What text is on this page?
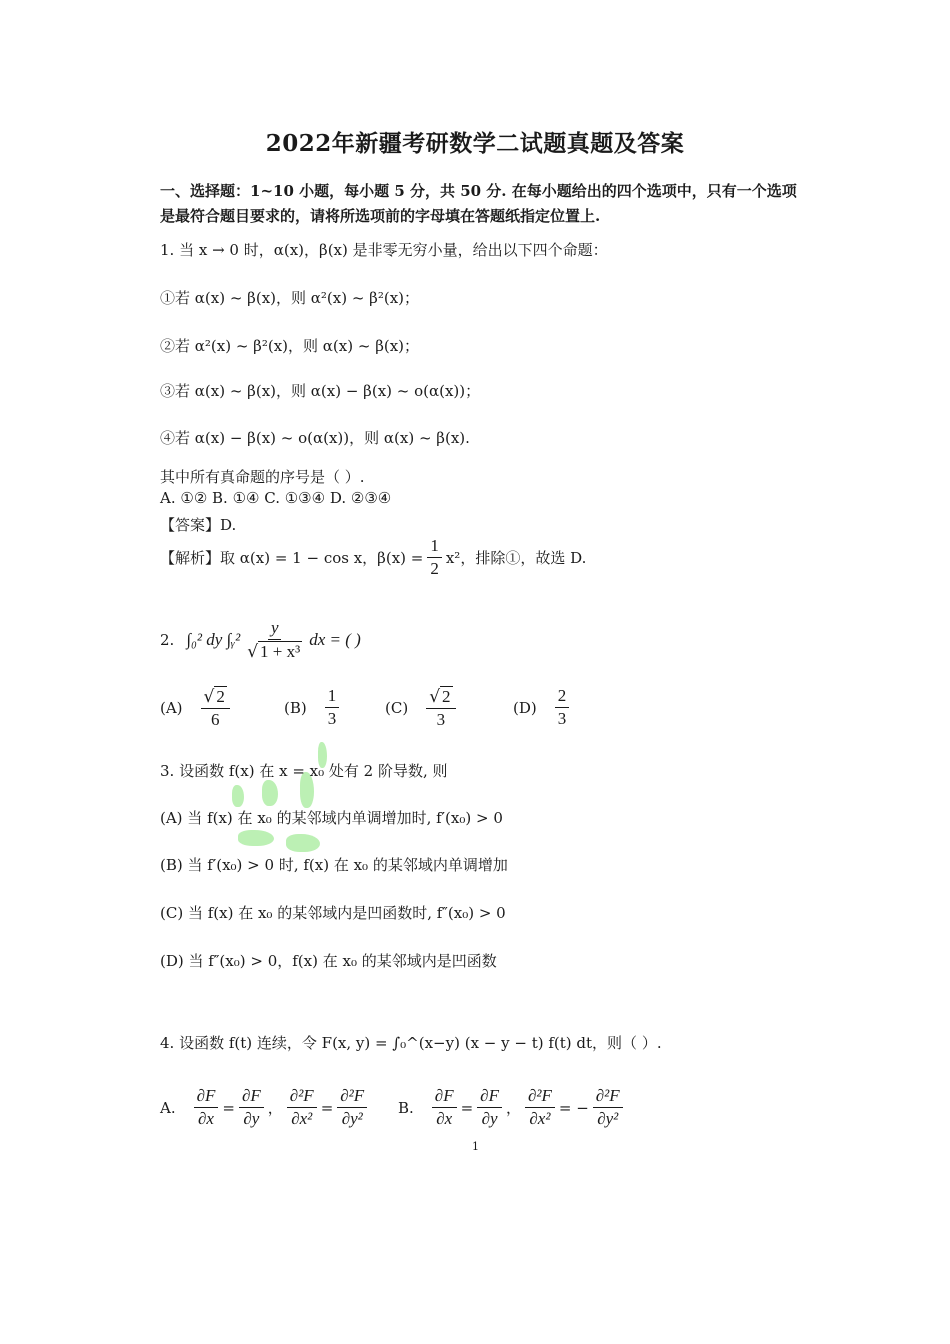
2022年新疆考研数学二试题真题及答案
一、选择题：1~10 小题，每小题 5 分，共 50 分. 在每小题给出的四个选项中，只有一个选项
是最符合题目要求的，请将所选项前的字母填在答题纸指定位置上.
1. 当 x → 0 时，α(x)，β(x) 是非零无穷小量，给出以下四个命题：
①若 α(x) ~ β(x)，则 α²(x) ~ β²(x)；
②若 α²(x) ~ β²(x)，则 α(x) ~ β(x)；
③若 α(x) ~ β(x)，则 α(x) − β(x) ~ o(α(x))；
④若 α(x) − β(x) ~ o(α(x))，则 α(x) ~ β(x).
其中所有真命题的序号是（ ）.
A. ①② B. ①④ C. ①③④ D. ②③④
【答案】D.
【解析】取 α(x) = 1 − cos x，$\beta(x) = \frac{1}{2} x^2$，排除①，故选 D.
2. ∫₀² dy ∫ᵧ² $\frac{y}{\text{√ 1 + x³}}$ dx = ( )
$(A) \frac{√ 2}{6}$	$(B) \frac{1}{3}$	$(C) \frac{√ 2}{3}$	$(D) \frac{2}{3}$
3. 设函数 f(x) 在 x = x₀ 处有 2 阶导数, 则
(A) 当 f(x) 在 x₀ 的某邻域内单调增加时, f′(x₀) > 0
(B) 当 f′(x₀) > 0 时, f(x) 在 x₀ 的某邻域内单调增加
(C) 当 f(x) 在 x₀ 的某邻域内是凹函数时, f″(x₀) > 0
(D) 当 f″(x₀) > 0，f(x) 在 x₀ 的某邻域内是凹函数
4. 设函数 f(t) 连续，令 F(x, y) = ∫₀^(x−y) (x − y − t) f(t) dt，则（ ）.
A. $\frac{\partial F}{\partial x} = \frac{\partial F}{\partial y}$ ， $\frac{\text{∂²F}}{\text{∂x²}} = \frac{\text{∂²F}}{\text{∂y²}} B$. $\frac{\partial F}{\partial x} = \frac{\partial F}{\partial y}$ ， $\frac{\text{∂²F}}{\text{∂x²}}$ = − $\frac{\text{∂²F}}{\text{∂y²}}$
1
